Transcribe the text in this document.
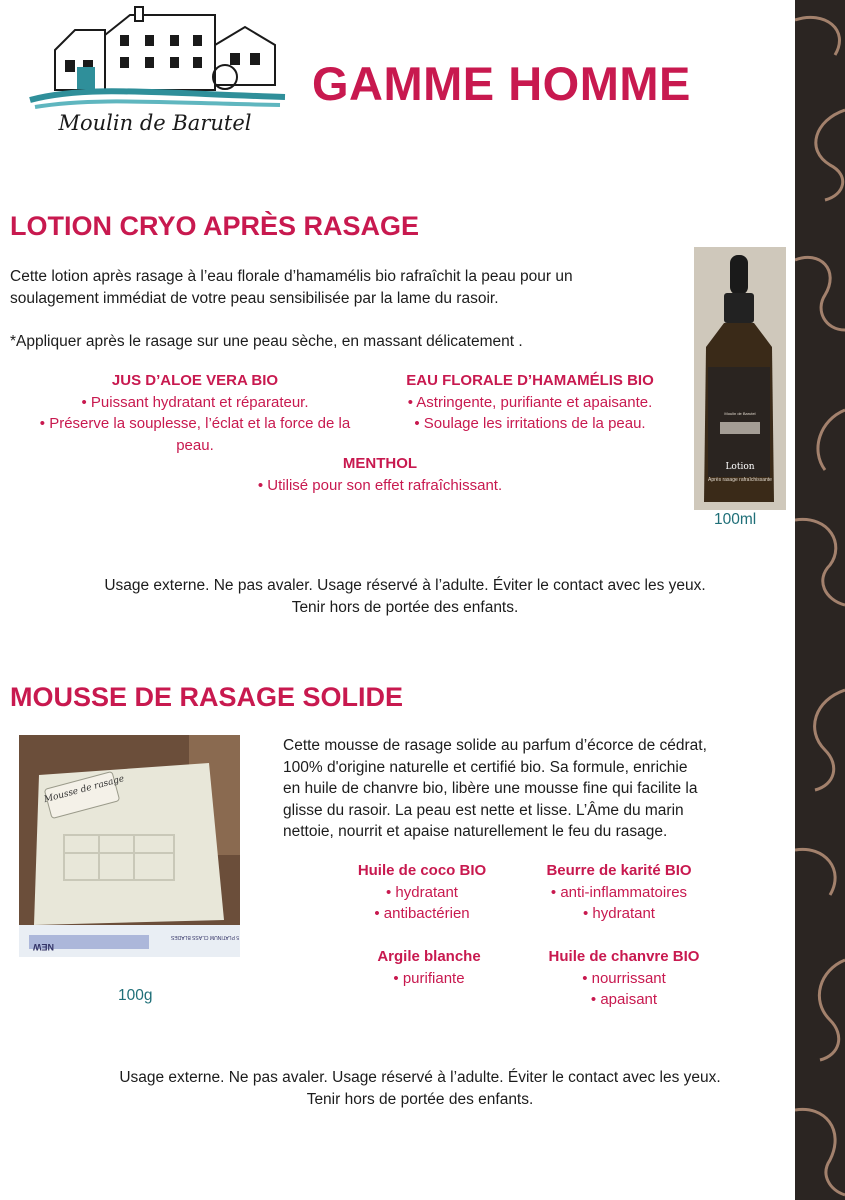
Moulin de Barutel
GAMME HOMME
LOTION CRYO APRÈS RASAGE
Cette lotion après rasage à l’eau florale d’hamamélis bio rafraîchit la peau pour un
soulagement immédiat de votre peau sensibilisée par la lame du rasoir.
*Appliquer après le rasage sur une peau sèche, en massant délicatement .
JUS D’ALOE VERA BIO
• Puissant hydratant et réparateur.
• Préserve la souplesse, l’éclat et la force de la
peau.
EAU FLORALE D’HAMAMÉLIS BIO
• Astringente, purifiante et apaisante.
• Soulage les irritations de la peau.
MENTHOL
• Utilisé pour son effet rafraîchissant.
Lotion
Après rasage rafraîchissante
Moulin de Barutel
100ml
Usage externe. Ne pas avaler. Usage réservé à l’adulte. Éviter le contact avec les yeux.
Tenir hors de portée des enfants.
MOUSSE DE RASAGE SOLIDE
Mousse de rasage
5 PLATINUM CLASS BLADES
NEW
100g
Cette mousse de rasage solide au parfum d’écorce de cédrat,
100% d'origine naturelle et certifié bio. Sa formule, enrichie
en huile de chanvre bio, libère une mousse fine qui facilite la
glisse du rasoir. La peau est nette et lisse. L’Âme du marin
nettoie, nourrit et apaise naturellement le feu du rasage.
Huile de coco BIO
• hydratant
• antibactérien
Beurre de karité BIO
• anti-inflammatoires
• hydratant
Argile blanche
• purifiante
Huile de chanvre BIO
• nourrissant
• apaisant
Usage externe. Ne pas avaler. Usage réservé à l’adulte. Éviter le contact avec les yeux.
Tenir hors de portée des enfants.
